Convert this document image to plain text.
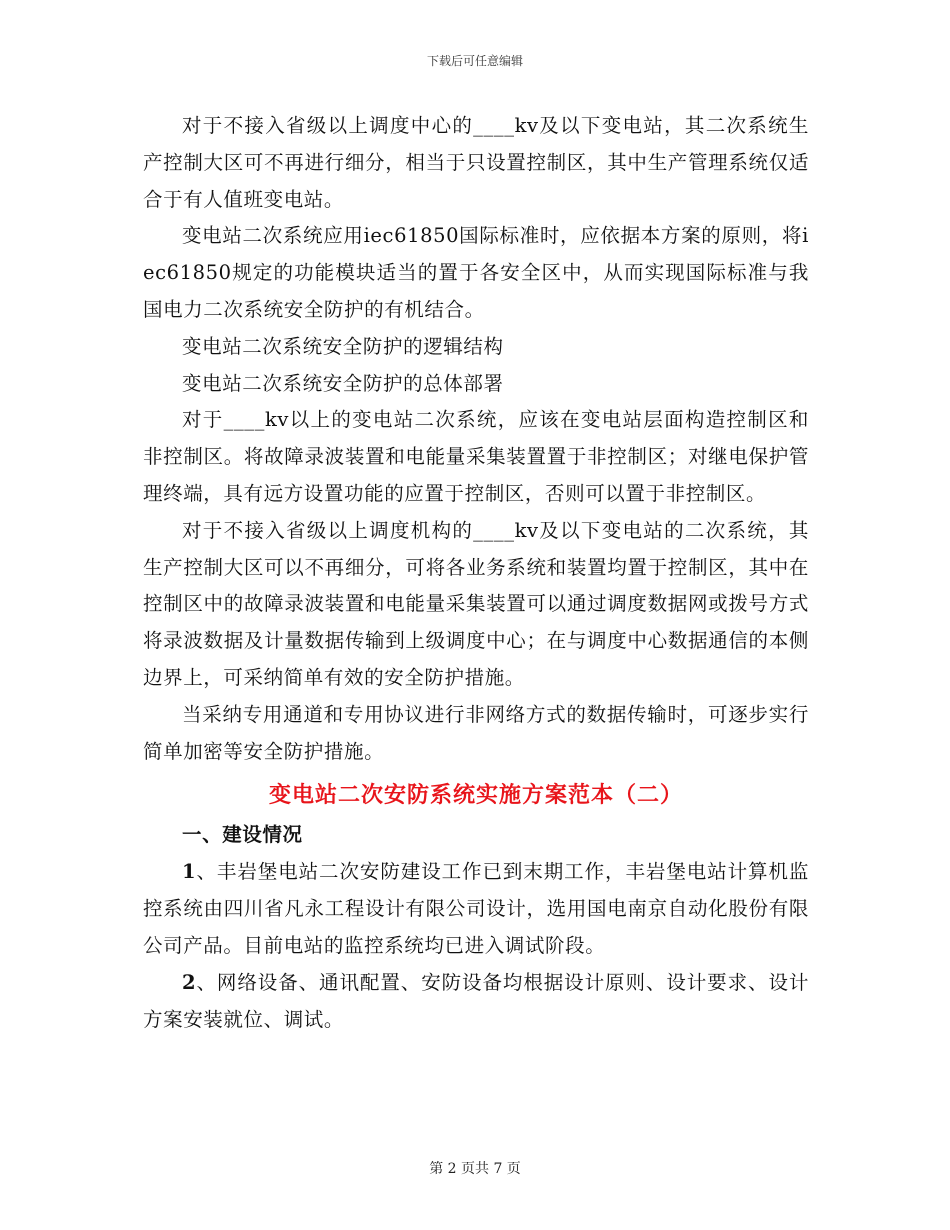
下载后可任意编辑

对于不接入省级以上调度中心的____kv及以下变电站，其二次系统生产控制大区可不再进行细分，相当于只设置控制区，其中生产管理系统仅适合于有人值班变电站。

变电站二次系统应用iec61850国际标准时，应依据本方案的原则，将iec61850规定的功能模块适当的置于各安全区中，从而实现国际标准与我国电力二次系统安全防护的有机结合。

变电站二次系统安全防护的逻辑结构

变电站二次系统安全防护的总体部署

对于____kv以上的变电站二次系统，应该在变电站层面构造控制区和非控制区。将故障录波装置和电能量采集装置置于非控制区；对继电保护管理终端，具有远方设置功能的应置于控制区，否则可以置于非控制区。

对于不接入省级以上调度机构的____kv及以下变电站的二次系统，其生产控制大区可以不再细分，可将各业务系统和装置均置于控制区，其中在控制区中的故障录波装置和电能量采集装置可以通过调度数据网或拨号方式将录波数据及计量数据传输到上级调度中心；在与调度中心数据通信的本侧边界上，可采纳简单有效的安全防护措施。

当采纳专用通道和专用协议进行非网络方式的数据传输时，可逐步实行简单加密等安全防护措施。

变电站二次安防系统实施方案范本（二）
一、建设情况

1、丰岩堡电站二次安防建设工作已到末期工作，丰岩堡电站计算机监控系统由四川省凡永工程设计有限公司设计，选用国电南京自动化股份有限公司产品。目前电站的监控系统均已进入调试阶段。

2、网络设备、通讯配置、安防设备均根据设计原则、设计要求、设计方案安装就位、调试。

第 2 页共 7 页
